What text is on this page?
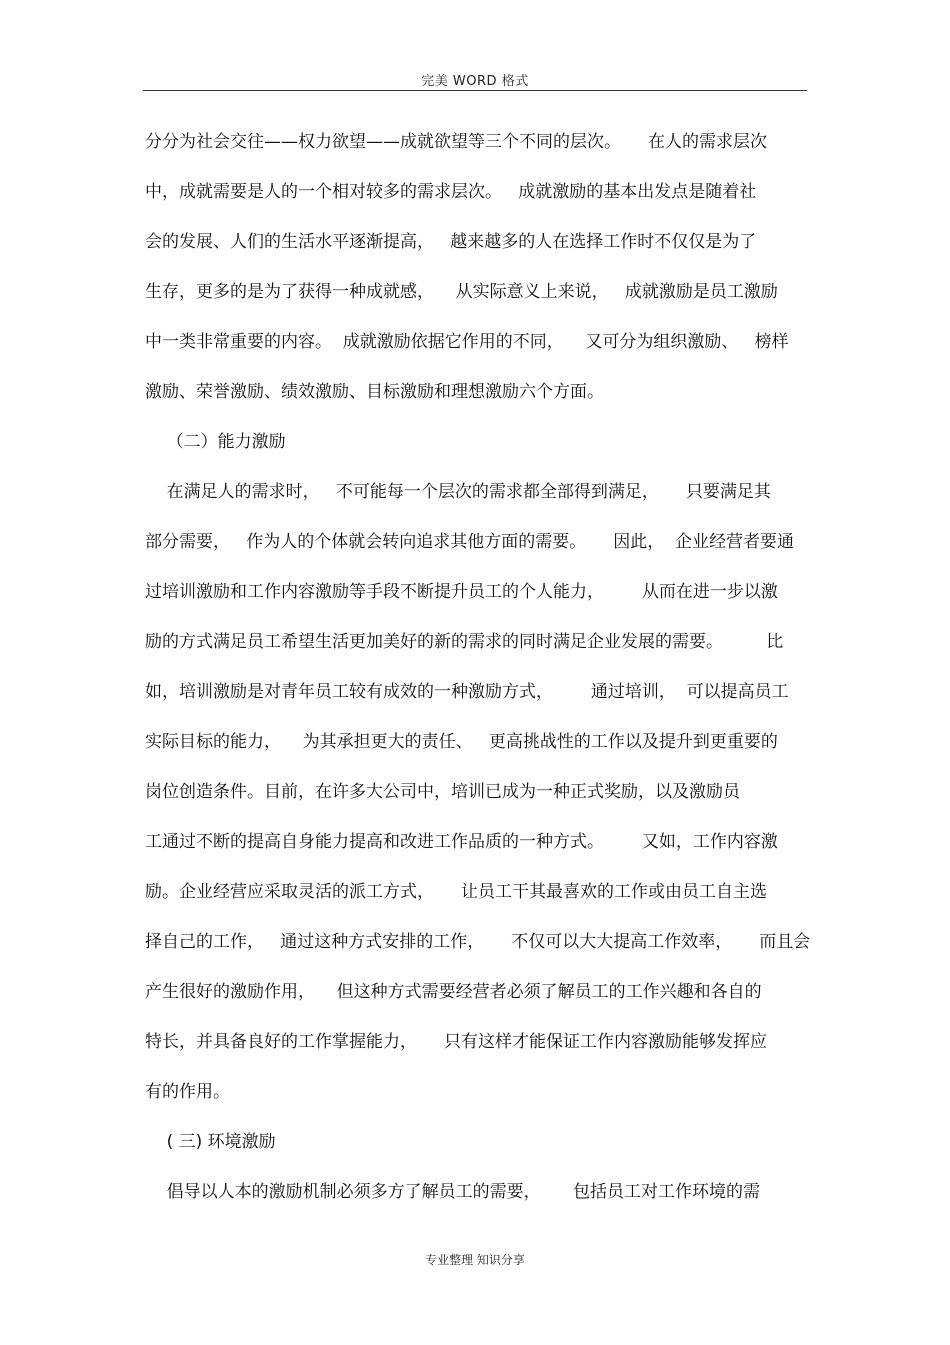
完美 WORD 格式
分分为社会交往——权力欲望——成就欲望等三个不同的层次。     在人的需求层次
中，成就需要是人的一个相对较多的需求层次。   成就激励的基本出发点是随着社
会的发展、人们的生活水平逐渐提高，   越来越多的人在选择工作时不仅仅是为了
生存，更多的是为了获得一种成就感，    从实际意义上来说，   成就激励是员工激励
中一类非常重要的内容。  成就激励依据它作用的不同，    又可分为组织激励、   榜样
激励、荣誉激励、绩效激励、目标激励和理想激励六个方面。
（二）能力激励
在满足人的需求时，   不可能每一个层次的需求都全部得到满足，     只要满足其
部分需要，   作为人的个体就会转向追求其他方面的需要。     因此，  企业经营者要通
过培训激励和工作内容激励等手段不断提升员工的个人能力，       从而在进一步以激
励的方式满足员工希望生活更加美好的新的需求的同时满足企业发展的需要。        比
如，培训激励是对青年员工较有成效的一种激励方式，       通过培训，  可以提高员工
实际目标的能力，    为其承担更大的责任、   更高挑战性的工作以及提升到更重要的
岗位创造条件。目前，在许多大公司中，培训已成为一种正式奖励，以及激励员
工通过不断的提高自身能力提高和改进工作品质的一种方式。       又如，工作内容激
励。企业经营应采取灵活的派工方式，     让员工干其最喜欢的工作或由员工自主选
择自己的工作，   通过这种方式安排的工作，     不仅可以大大提高工作效率，     而且会
产生很好的激励作用，    但这种方式需要经营者必须了解员工的工作兴趣和各自的
特长，并具备良好的工作掌握能力，     只有这样才能保证工作内容激励能够发挥应
有的作用。
( 三) 环境激励
倡导以人本的激励机制必须多方了解员工的需要，      包括员工对工作环境的需
专业整理 知识分享
